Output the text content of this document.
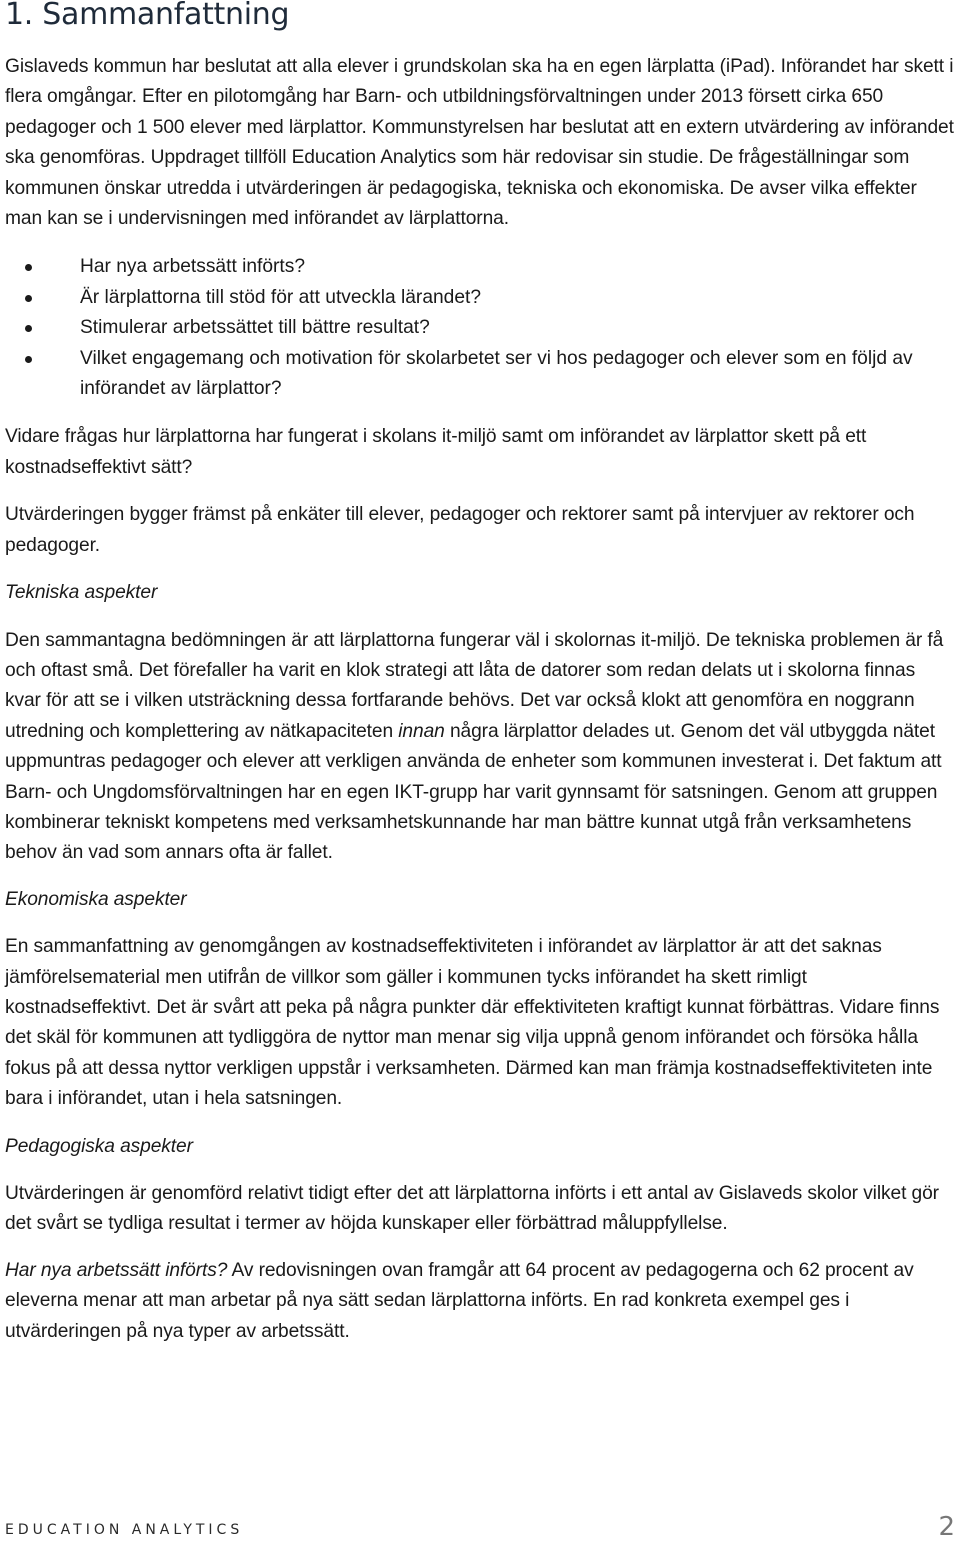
1. Sammanfattning

Gislaveds kommun har beslutat att alla elever i grundskolan ska ha en egen lärplatta (iPad). Införandet har skett i flera omgångar. Efter en pilotomgång har Barn- och utbildningsförvaltningen under 2013 försett cirka 650 pedagoger och 1 500 elever med lärplattor. Kommunstyrelsen har beslutat att en extern utvärdering av införandet ska genomföras. Uppdraget tillföll Education Analytics som här redovisar sin studie. De frågeställningar som kommunen önskar utredda i utvärderingen är pedagogiska, tekniska och ekonomiska. De avser vilka effekter man kan se i undervisningen med införandet av lärplattorna.

Har nya arbetssätt införts?
Är lärplattorna till stöd för att utveckla lärandet?
Stimulerar arbetssättet till bättre resultat?
Vilket engagemang och motivation för skolarbetet ser vi hos pedagoger och elever som en följd av införandet av lärplattor?

Vidare frågas hur lärplattorna har fungerat i skolans it-miljö samt om införandet av lärplattor skett på ett kostnadseffektivt sätt?

Utvärderingen bygger främst på enkäter till elever, pedagoger och rektorer samt på intervjuer av rektorer och pedagoger.

Tekniska aspekter

Den sammantagna bedömningen är att lärplattorna fungerar väl i skolornas it-miljö. De tekniska problemen är få och oftast små. Det förefaller ha varit en klok strategi att låta de datorer som redan delats ut i skolorna finnas kvar för att se i vilken utsträckning dessa fortfarande behövs. Det var också klokt att genomföra en noggrann utredning och komplettering av nätkapaciteten innan några lärplattor delades ut. Genom det väl utbyggda nätet uppmuntras pedagoger och elever att verkligen använda de enheter som kommunen investerat i. Det faktum att Barn- och Ungdomsförvaltningen har en egen IKT-grupp har varit gynnsamt för satsningen. Genom att gruppen kombinerar tekniskt kompetens med verksamhetskunnande har man bättre kunnat utgå från verksamhetens behov än vad som annars ofta är fallet.

Ekonomiska aspekter

En sammanfattning av genomgången av kostnadseffektiviteten i införandet av lärplattor är att det saknas jämförelsematerial men utifrån de villkor som gäller i kommunen tycks införandet ha skett rimligt kostnadseffektivt. Det är svårt att peka på några punkter där effektiviteten kraftigt kunnat förbättras. Vidare finns det skäl för kommunen att tydliggöra de nyttor man menar sig vilja uppnå genom införandet och försöka hålla fokus på att dessa nyttor verkligen uppstår i verksamheten. Därmed kan man främja kostnadseffektiviteten inte bara i införandet, utan i hela satsningen.

Pedagogiska aspekter

Utvärderingen är genomförd relativt tidigt efter det att lärplattorna införts i ett antal av Gislaveds skolor vilket gör det svårt se tydliga resultat i termer av höjda kunskaper eller förbättrad måluppfyllelse.

Har nya arbetssätt införts? Av redovisningen ovan framgår att 64 procent av pedagogerna och 62 procent av eleverna menar att man arbetar på nya sätt sedan lärplattorna införts. En rad konkreta exempel ges i utvärderingen på nya typer av arbetssätt.

EDUCATION ANALYTICS	2
